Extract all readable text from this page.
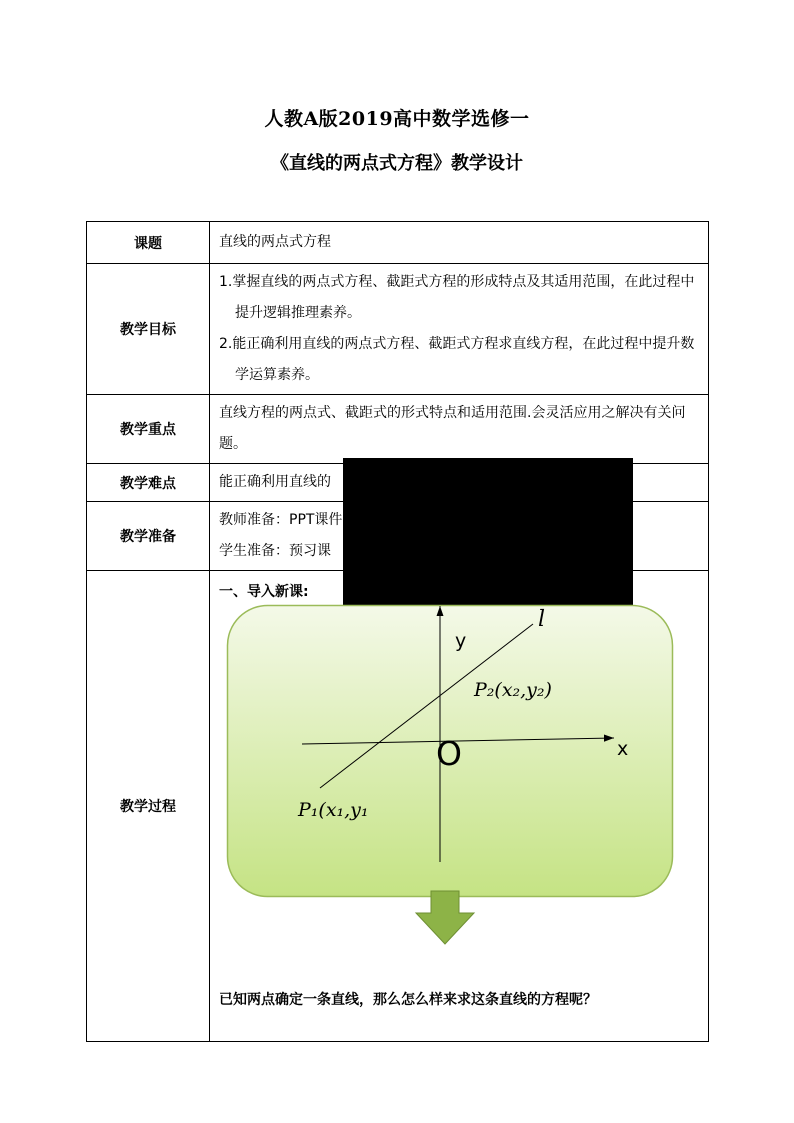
人教A版2019高中数学选修一
《直线的两点式方程》教学设计
课题	直线的两点式方程

教学目标	1.掌握直线的两点式方程、截距式方程的形成特点及其适用范围，在此过程中提升逻辑推理素养。
2.能正确利用直线的两点式方程、截距式方程求直线方程，在此过程中提升数学运算素养。

教学重点	直线方程的两点式、截距式的形式特点和适用范围.会灵活应用之解决有关问题。

教学难点	能正确利用直线的

教学准备	教师准备：PPT课件
学生准备：预习课

教学过程	一、导入新课:
已知两点确定一条直线，那么怎么样来求这条直线的方程呢？
l
y
x
O
P₂(x₂,y₂)
P₁(x₁,y₁
